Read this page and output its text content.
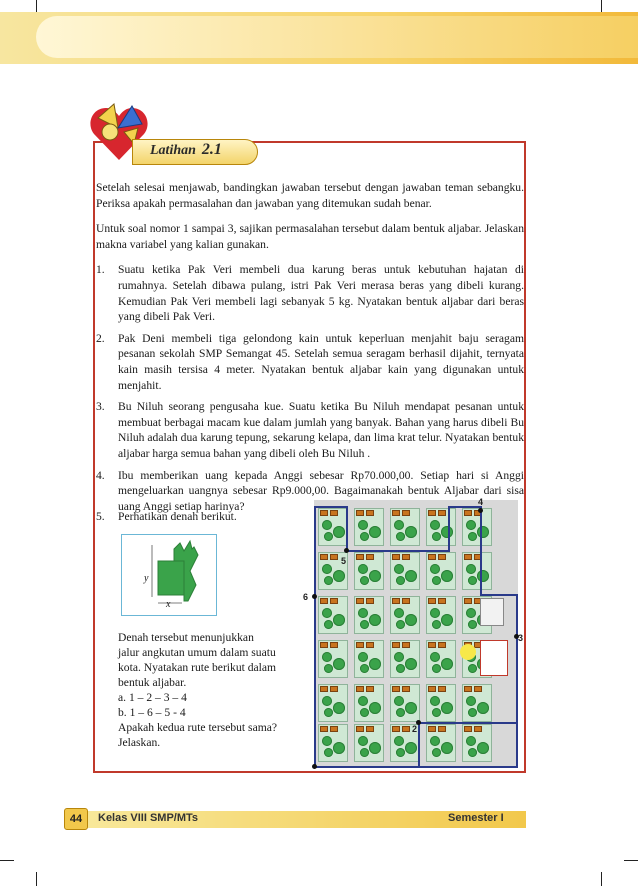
Latihan 2.1

Setelah selesai menjawab, bandingkan jawaban tersebut dengan jawaban teman sebangku. Periksa apakah permasalahan dan jawaban yang ditemukan sudah benar.

Untuk soal nomor 1 sampai 3, sajikan permasalahan tersebut dalam bentuk aljabar. Jelaskan makna variabel yang kalian gunakan.

1. Suatu ketika Pak Veri membeli dua karung beras untuk kebutuhan hajatan di rumahnya. Setelah dibawa pulang, istri Pak Veri merasa beras yang dibeli kurang. Kemudian Pak Veri membeli lagi sebanyak 5 kg. Nyatakan bentuk aljabar dari beras yang dibeli Pak Veri.
2. Pak Deni membeli tiga gelondong kain untuk keperluan menjahit baju seragam pesanan sekolah SMP Semangat 45. Setelah semua seragam berhasil dijahit, ternyata kain masih tersisa 4 meter. Nyatakan bentuk aljabar kain yang digunakan untuk menjahit.
3. Bu Niluh seorang pengusaha kue. Suatu ketika Bu Niluh mendapat pesanan untuk membuat berbagai macam kue dalam jumlah yang banyak. Bahan yang harus dibeli Bu Niluh adalah dua karung tepung, sekarung kelapa, dan lima krat telur. Nyatakan bentuk aljabar harga semua bahan yang dibeli oleh Bu Niluh .
4. Ibu memberikan uang kepada Anggi sebesar Rp70.000,00. Setiap hari si Anggi mengeluarkan uangnya sebesar Rp9.000,00. Bagaimanakah bentuk Aljabar dari sisa uang Anggi setiap harinya?
5. Perhatikan denah berikut.
y
x
Denah tersebut menunjukkan
jalur angkutan umum dalam suatu
kota. Nyatakan rute berikut dalam
bentuk aljabar.
a. 1 – 2 – 3 – 4
b. 1 – 6 – 5 - 4
Apakah kedua rute tersebut sama?
Jelaskan.
4
5
6
3
2
44	Kelas VIII SMP/MTs	Semester I
